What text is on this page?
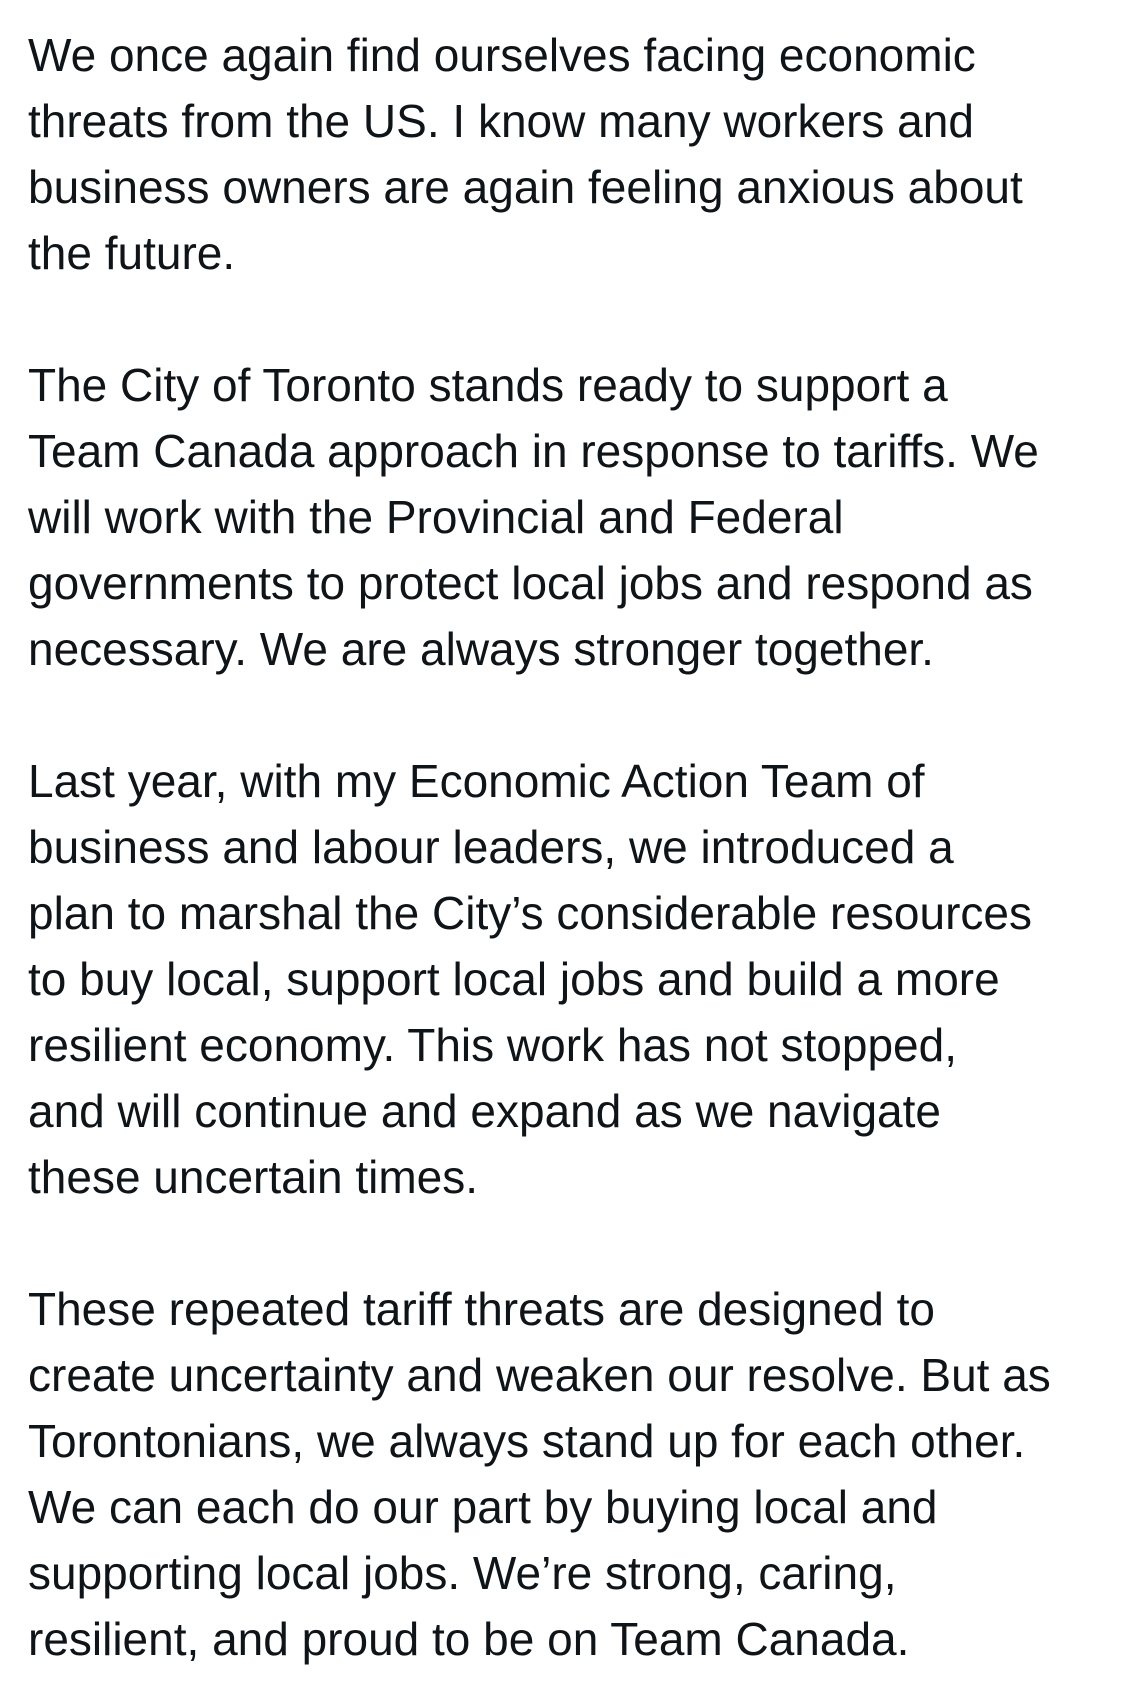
We once again find ourselves facing economic
threats from the US. I know many workers and
business owners are again feeling anxious about
the future.

The City of Toronto stands ready to support a
Team Canada approach in response to tariffs. We
will work with the Provincial and Federal
governments to protect local jobs and respond as
necessary. We are always stronger together.

Last year, with my Economic Action Team of
business and labour leaders, we introduced a
plan to marshal the City’s considerable resources
to buy local, support local jobs and build a more
resilient economy. This work has not stopped,
and will continue and expand as we navigate
these uncertain times.

These repeated tariff threats are designed to
create uncertainty and weaken our resolve. But as
Torontonians, we always stand up for each other.
We can each do our part by buying local and
supporting local jobs. We’re strong, caring,
resilient, and proud to be on Team Canada.
